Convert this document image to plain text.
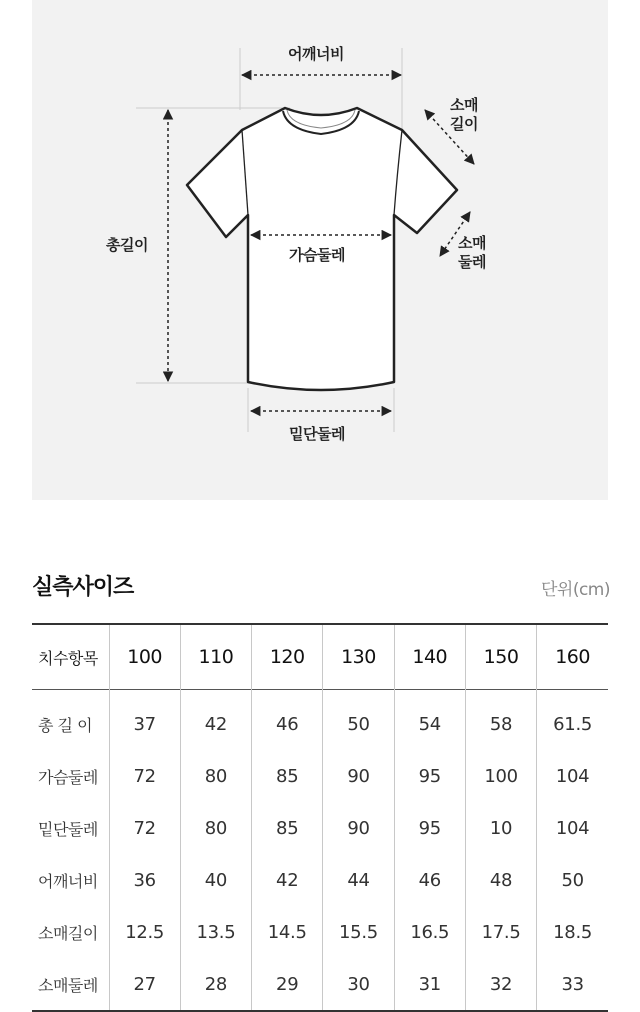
어깨너비
소매
길이
총길이
가슴둘레
소매
둘레
밑단둘레
실측사이즈	단위(cm)
치수항목	100	110	120	130	140	150	160
총 길 이	37	42	46	50	54	58	61.5
가슴둘레	72	80	85	90	95	100	104
밑단둘레	72	80	85	90	95	10	104
어깨너비	36	40	42	44	46	48	50
소매길이	12.5	13.5	14.5	15.5	16.5	17.5	18.5
소매둘레	27	28	29	30	31	32	33
